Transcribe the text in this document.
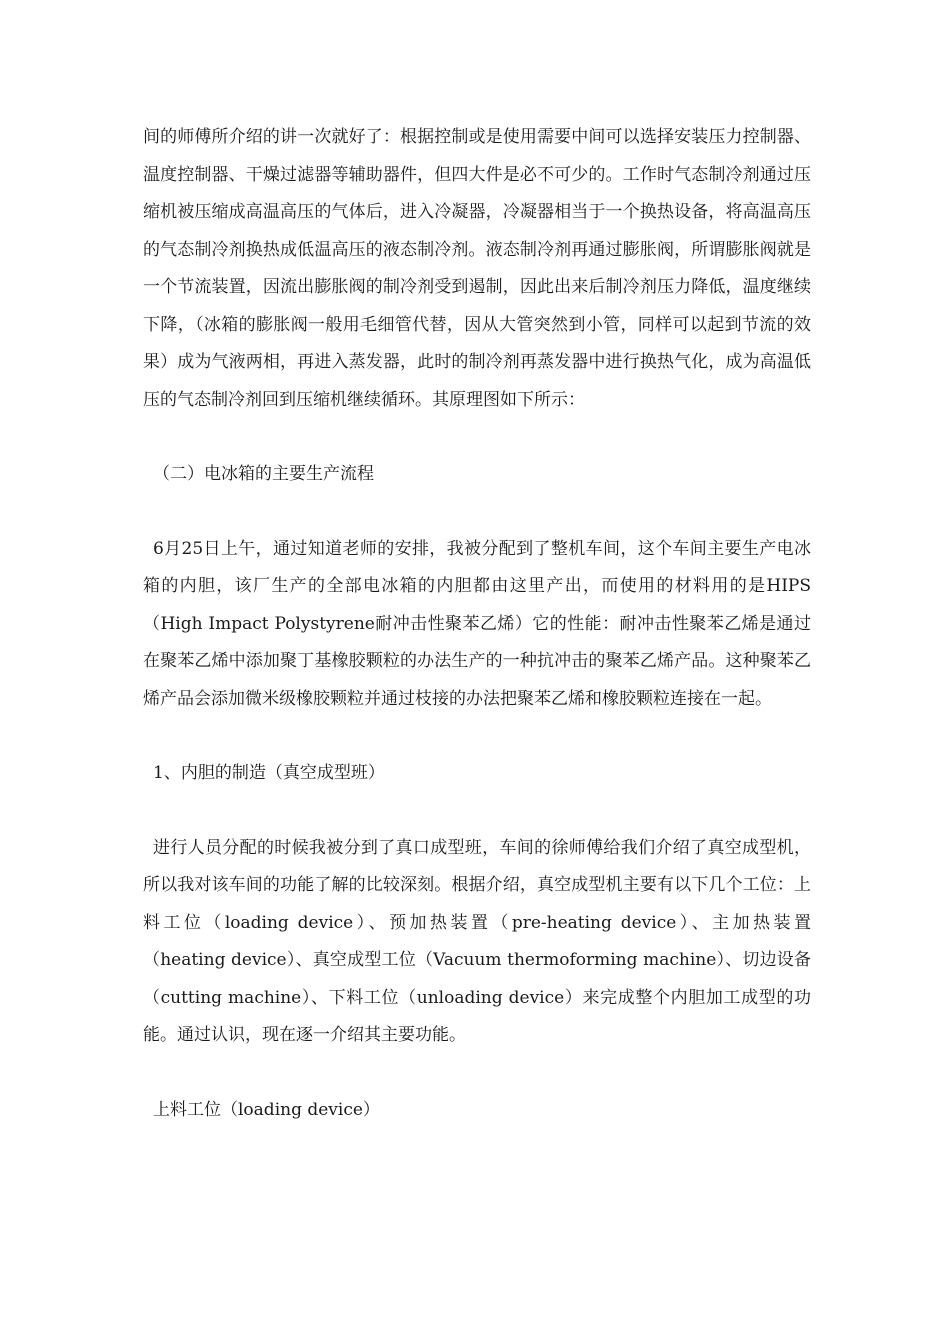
间的师傅所介绍的讲一次就好了：根据控制或是使用需要中间可以选择安装压力控制器、温度控制器、干燥过滤器等辅助器件，但四大件是必不可少的。工作时气态制冷剂通过压缩机被压缩成高温高压的气体后，进入冷凝器，冷凝器相当于一个换热设备，将高温高压的气态制冷剂换热成低温高压的液态制冷剂。液态制冷剂再通过膨胀阀，所谓膨胀阀就是一个节流装置，因流出膨胀阀的制冷剂受到遏制，因此出来后制冷剂压力降低，温度继续下降，（冰箱的膨胀阀一般用毛细管代替，因从大管突然到小管，同样可以起到节流的效果）成为气液两相，再进入蒸发器，此时的制冷剂再蒸发器中进行换热气化，成为高温低压的气态制冷剂回到压缩机继续循环。其原理图如下所示：

（二）电冰箱的主要生产流程

6月25日上午，通过知道老师的安排，我被分配到了整机车间，这个车间主要生产电冰箱的内胆，该厂生产的全部电冰箱的内胆都由这里产出，而使用的材料用的是HIPS（High Impact Polystyrene耐冲击性聚苯乙烯）它的性能：耐冲击性聚苯乙烯是通过在聚苯乙烯中添加聚丁基橡胶颗粒的办法生产的一种抗冲击的聚苯乙烯产品。这种聚苯乙烯产品会添加微米级橡胶颗粒并通过枝接的办法把聚苯乙烯和橡胶颗粒连接在一起。

1、内胆的制造（真空成型班）

进行人员分配的时候我被分到了真口成型班，车间的徐师傅给我们介绍了真空成型机，所以我对该车间的功能了解的比较深刻。根据介绍，真空成型机主要有以下几个工位：上料工位（loading device）、预加热装置（pre-heating device）、主加热装置（heating device）、真空成型工位（Vacuum thermoforming machine）、切边设备（cutting machine）、下料工位（unloading device）来完成整个内胆加工成型的功能。通过认识，现在逐一介绍其主要功能。

上料工位（loading device）
